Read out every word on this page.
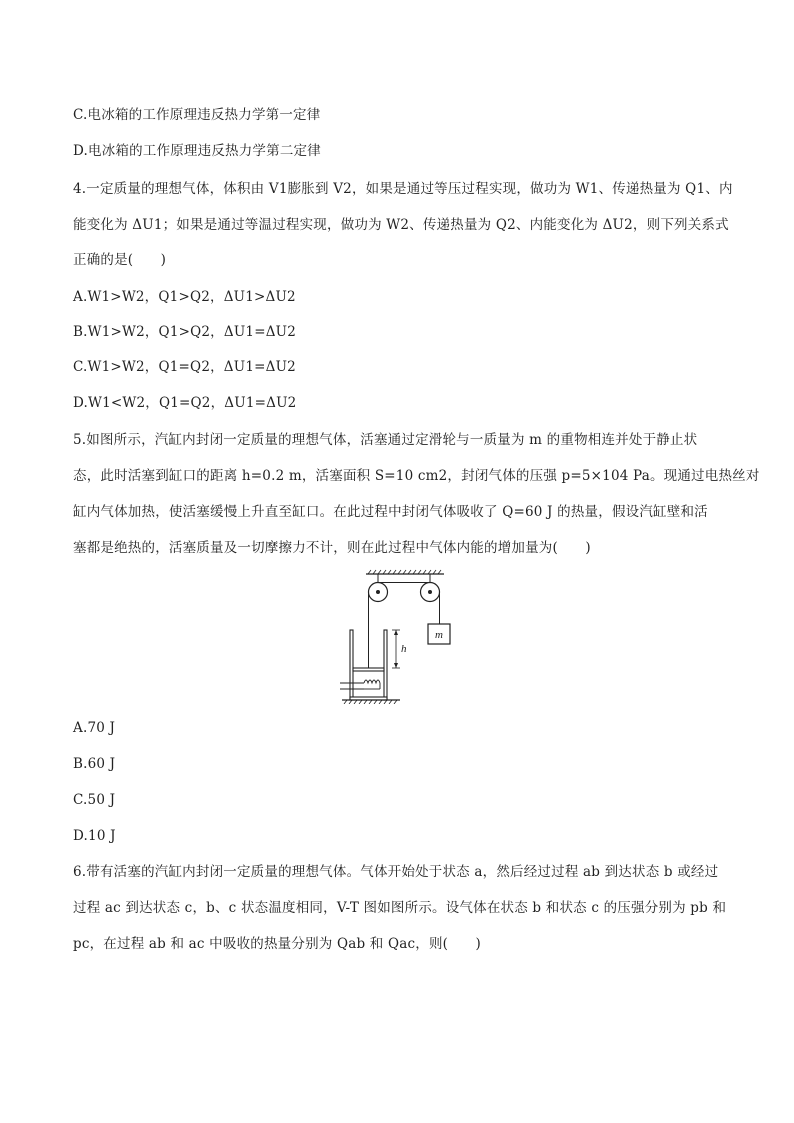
C.电冰箱的工作原理违反热力学第一定律
D.电冰箱的工作原理违反热力学第二定律
4.一定质量的理想气体，体积由 V1膨胀到 V2，如果是通过等压过程实现，做功为 W1、传递热量为 Q1、内
能变化为 ΔU1；如果是通过等温过程实现，做功为 W2、传递热量为 Q2、内能变化为 ΔU2，则下列关系式
正确的是(　　)
A.W1>W2，Q1>Q2，ΔU1>ΔU2
B.W1>W2，Q1>Q2，ΔU1=ΔU2
C.W1>W2，Q1=Q2，ΔU1=ΔU2
D.W1<W2，Q1=Q2，ΔU1=ΔU2
5.如图所示，汽缸内封闭一定质量的理想气体，活塞通过定滑轮与一质量为 m 的重物相连并处于静止状
态，此时活塞到缸口的距离 h=0.2 m，活塞面积 S=10 cm2，封闭气体的压强 p=5×104 Pa。现通过电热丝对
缸内气体加热，使活塞缓慢上升直至缸口。在此过程中封闭气体吸收了 Q=60 J 的热量，假设汽缸壁和活
塞都是绝热的，活塞质量及一切摩擦力不计，则在此过程中气体内能的增加量为(　　)
m
h
A.70 J
B.60 J
C.50 J
D.10 J
6.带有活塞的汽缸内封闭一定质量的理想气体。气体开始处于状态 a，然后经过过程 ab 到达状态 b 或经过
过程 ac 到达状态 c，b、c 状态温度相同，V-T 图如图所示。设气体在状态 b 和状态 c 的压强分别为 pb 和
pc，在过程 ab 和 ac 中吸收的热量分别为 Qab 和 Qac，则(　　)
